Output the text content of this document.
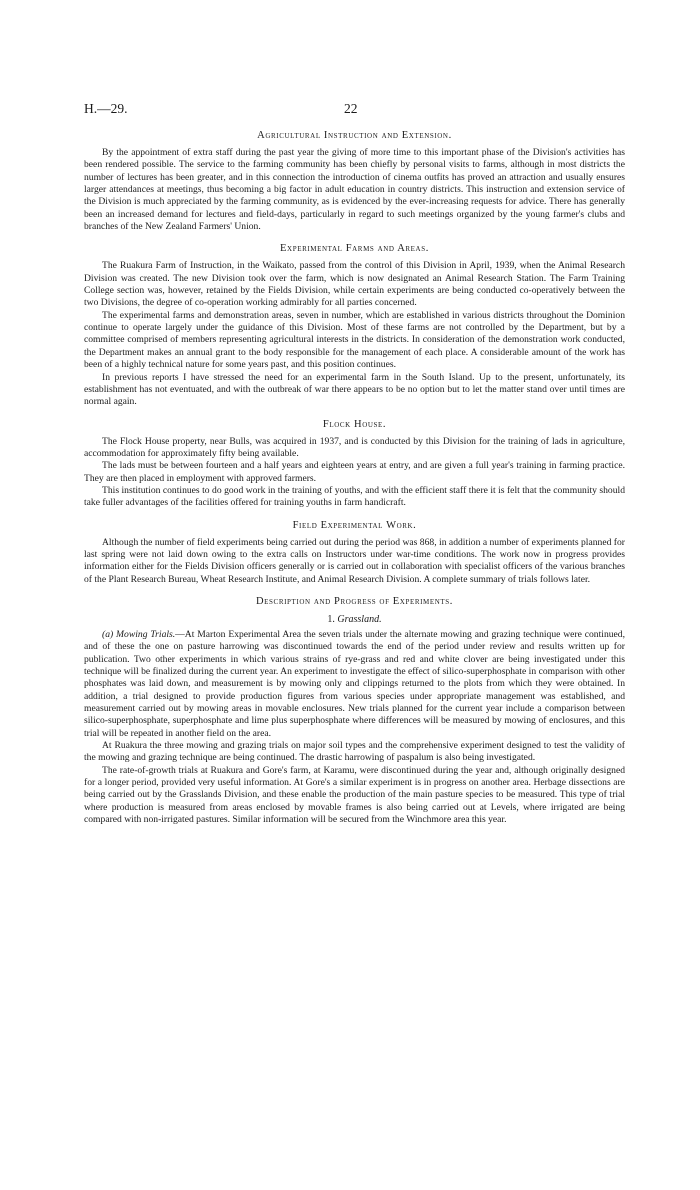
H.—29.	22
Agricultural Instruction and Extension.

By the appointment of extra staff during the past year the giving of more time to this important phase of the Division's activities has been rendered possible. The service to the farming community has been chiefly by personal visits to farms, although in most districts the number of lectures has been greater, and in this connection the introduction of cinema outfits has proved an attraction and usually ensures larger attendances at meetings, thus becoming a big factor in adult education in country districts. This instruction and extension service of the Division is much appreciated by the farming community, as is evidenced by the ever-increasing requests for advice. There has generally been an increased demand for lectures and field-days, particularly in regard to such meetings organized by the young farmer's clubs and branches of the New Zealand Farmers' Union.

Experimental Farms and Areas.

The Ruakura Farm of Instruction, in the Waikato, passed from the control of this Division in April, 1939, when the Animal Research Division was created. The new Division took over the farm, which is now designated an Animal Research Station. The Farm Training College section was, however, retained by the Fields Division, while certain experiments are being conducted co-operatively between the two Divisions, the degree of co-operation working admirably for all parties concerned.

The experimental farms and demonstration areas, seven in number, which are established in various districts throughout the Dominion continue to operate largely under the guidance of this Division. Most of these farms are not controlled by the Department, but by a committee comprised of members representing agricultural interests in the districts. In consideration of the demonstration work conducted, the Department makes an annual grant to the body responsible for the management of each place. A considerable amount of the work has been of a highly technical nature for some years past, and this position continues.

In previous reports I have stressed the need for an experimental farm in the South Island. Up to the present, unfortunately, its establishment has not eventuated, and with the outbreak of war there appears to be no option but to let the matter stand over until times are normal again.

Flock House.

The Flock House property, near Bulls, was acquired in 1937, and is conducted by this Division for the training of lads in agriculture, accommodation for approximately fifty being available.

The lads must be between fourteen and a half years and eighteen years at entry, and are given a full year's training in farming practice. They are then placed in employment with approved farmers.

This institution continues to do good work in the training of youths, and with the efficient staff there it is felt that the community should take fuller advantages of the facilities offered for training youths in farm handicraft.

Field Experimental Work.

Although the number of field experiments being carried out during the period was 868, in addition a number of experiments planned for last spring were not laid down owing to the extra calls on Instructors under war-time conditions. The work now in progress provides information either for the Fields Division officers generally or is carried out in collaboration with specialist officers of the various branches of the Plant Research Bureau, Wheat Research Institute, and Animal Research Division. A complete summary of trials follows later.

Description and Progress of Experiments.
1. Grassland.

(a) Mowing Trials.—At Marton Experimental Area the seven trials under the alternate mowing and grazing technique were continued, and of these the one on pasture harrowing was discontinued towards the end of the period under review and results written up for publication. Two other experiments in which various strains of rye-grass and red and white clover are being investigated under this technique will be finalized during the current year. An experiment to investigate the effect of silico-superphosphate in comparison with other phosphates was laid down, and measurement is by mowing only and clippings returned to the plots from which they were obtained. In addition, a trial designed to provide production figures from various species under appropriate management was established, and measurement carried out by mowing areas in movable enclosures. New trials planned for the current year include a comparison between silico-superphosphate, superphosphate and lime plus superphosphate where differences will be measured by mowing of enclosures, and this trial will be repeated in another field on the area.

At Ruakura the three mowing and grazing trials on major soil types and the comprehensive experiment designed to test the validity of the mowing and grazing technique are being continued. The drastic harrowing of paspalum is also being investigated.

The rate-of-growth trials at Ruakura and Gore's farm, at Karamu, were discontinued during the year and, although originally designed for a longer period, provided very useful information. At Gore's a similar experiment is in progress on another area. Herbage dissections are being carried out by the Grasslands Division, and these enable the production of the main pasture species to be measured. This type of trial where production is measured from areas enclosed by movable frames is also being carried out at Levels, where irrigated are being compared with non-irrigated pastures. Similar information will be secured from the Winchmore area this year.
